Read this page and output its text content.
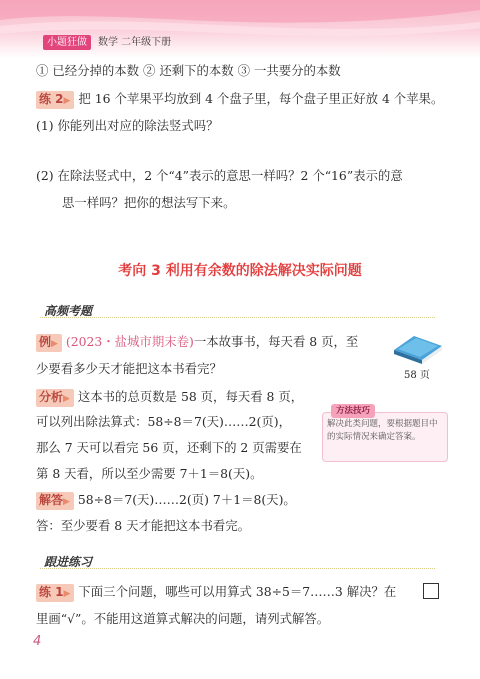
小题狂做	数学 二年级下册
① 已经分掉的本数 ② 还剩下的本数 ③ 一共要分的本数
练 2▶ 把 16 个苹果平均放到 4 个盘子里，每个盘子里正好放 4 个苹果。
(1) 你能列出对应的除法竖式吗？
(2) 在除法竖式中，2 个“4”表示的意思一样吗？2 个“16”表示的意
思一样吗？把你的想法写下来。
考向 3 利用有余数的除法解决实际问题
高频考题
例▶ (2023・盐城市期末卷)一本故事书，每天看 8 页，至
少要看多少天才能把这本书看完？	58 页
分析▶ 这本书的总页数是 58 页，每天看 8 页，
可以列出除法算式：58÷8＝7(天)……2(页)，
那么 7 天可以看完 56 页，还剩下的 2 页需要在
第 8 天看，所以至少需要 7＋1＝8(天)。
方法技巧
解决此类问题，要根据题目中的实际情况来确定答案。
解答▶ 58÷8＝7(天)……2(页) 7＋1＝8(天)。
答：至少要看 8 天才能把这本书看完。
跟进练习
练 1▶ 下面三个问题，哪些可以用算式 38÷5＝7……3 解决？在
里画“√”。不能用这道算式解决的问题，请列式解答。
4
